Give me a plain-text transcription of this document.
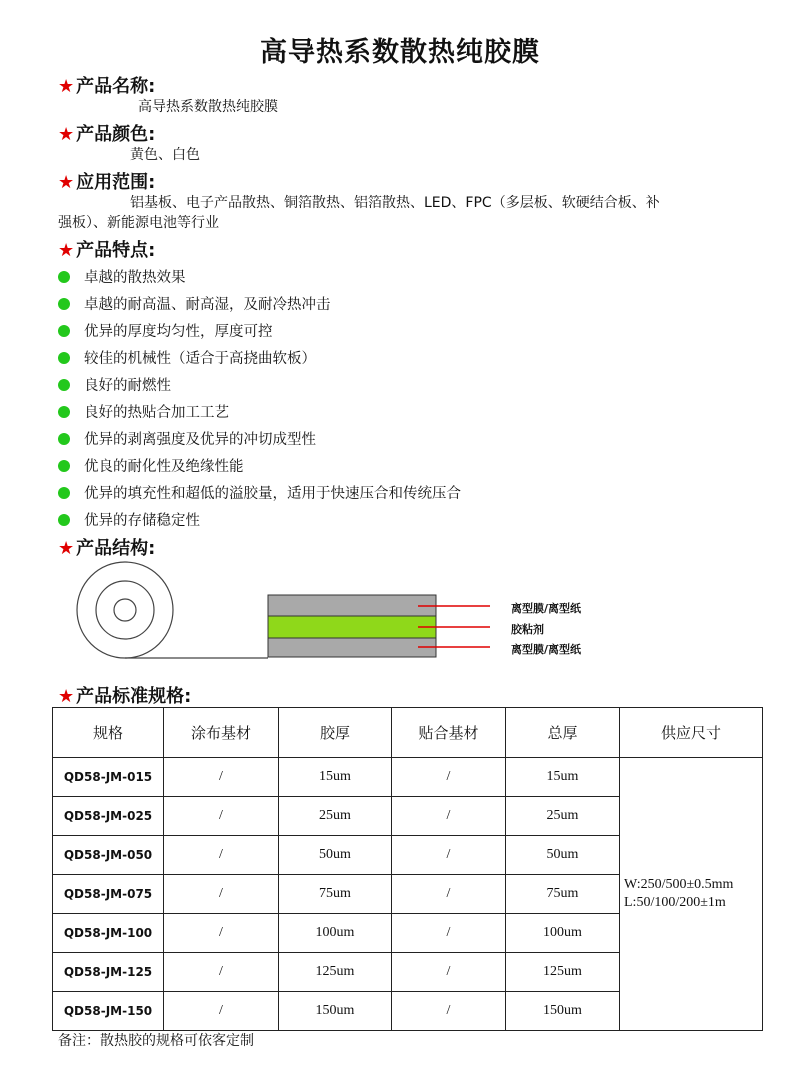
高导热系数散热纯胶膜
★ 产品名称:
高导热系数散热纯胶膜
★ 产品颜色:
黄色、白色
★ 应用范围:
铝基板、电子产品散热、铜箔散热、铝箔散热、LED、FPC（多层板、软硬结合板、补
强板）、新能源电池等行业
★ 产品特点:
卓越的散热效果
卓越的耐高温、耐高湿，及耐冷热冲击
优异的厚度均匀性，厚度可控
较佳的机械性（适合于高挠曲软板）
良好的耐燃性
良好的热贴合加工工艺
优异的剥离强度及优异的冲切成型性
优良的耐化性及绝缘性能
优异的填充性和超低的溢胶量，适用于快速压合和传统压合
优异的存储稳定性
★ 产品结构:
离型膜/离型纸
胶粘剂
离型膜/离型纸
★ 产品标准规格:
规格	涂布基材	胶厚	贴合基材	总厚	供应尺寸
QD58-JM-015	/	15um	/	15um	W:250/500±0.5mm
L:50/100/200±1m

QD58-JM-025	/	25um	/	25um	
QD58-JM-050	/	50um	/	50um	
QD58-JM-075	/	75um	/	75um	
QD58-JM-100	/	100um	/	100um	
QD58-JM-125	/	125um	/	125um	
QD58-JM-150	/	150um	/	150um	
备注：散热胶的规格可依客定制
